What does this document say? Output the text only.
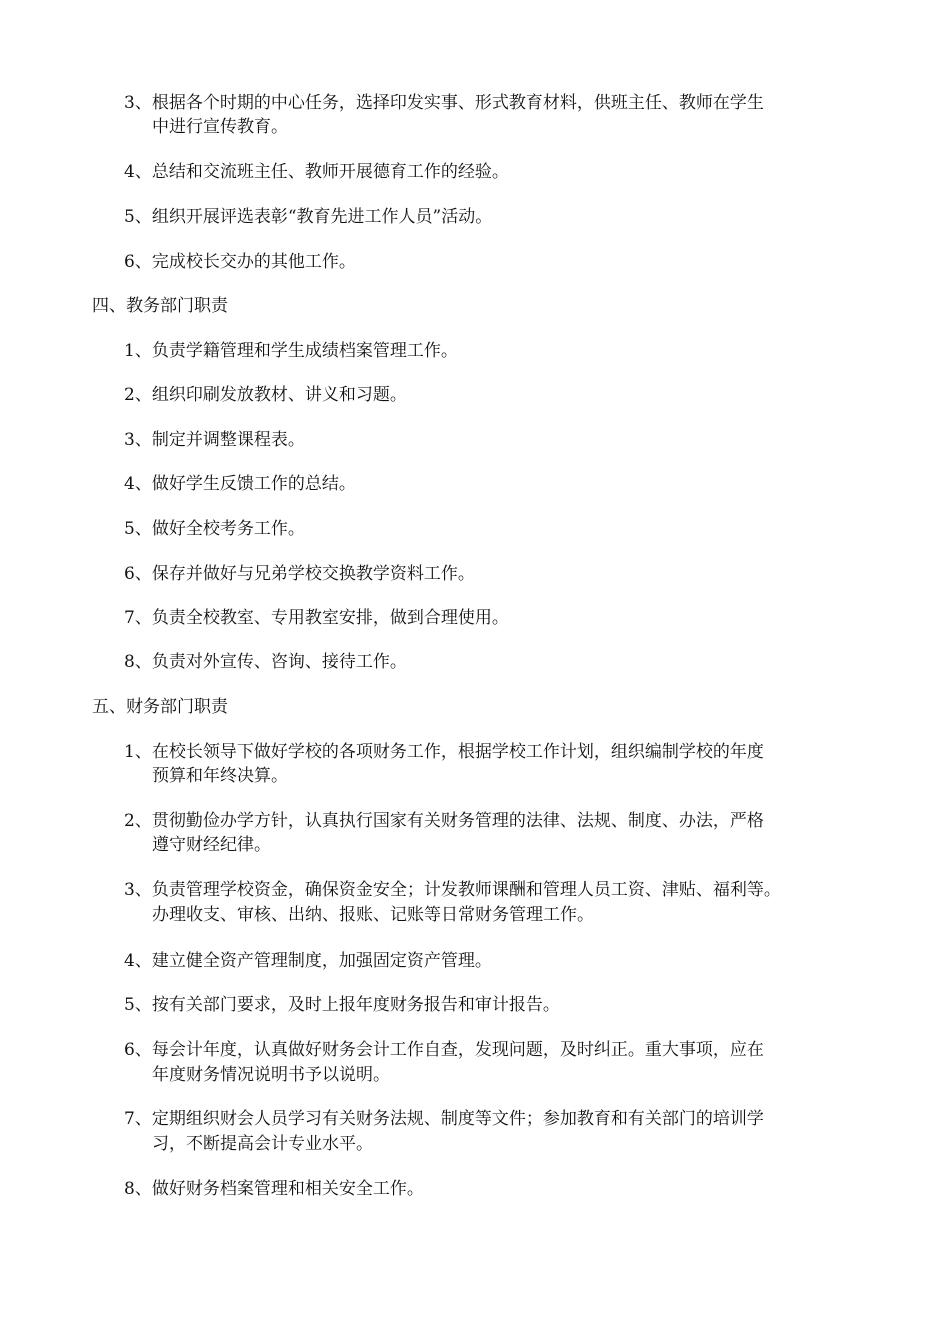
3、根据各个时期的中心任务，选择印发实事、形式教育材料，供班主任、教师在学生
中进行宣传教育。
4、总结和交流班主任、教师开展德育工作的经验。
5、组织开展评选表彰“教育先进工作人员”活动。
6、完成校长交办的其他工作。
四、教务部门职责
1、负责学籍管理和学生成绩档案管理工作。
2、组织印刷发放教材、讲义和习题。
3、制定并调整课程表。
4、做好学生反馈工作的总结。
5、做好全校考务工作。
6、保存并做好与兄弟学校交换教学资料工作。
7、负责全校教室、专用教室安排，做到合理使用。
8、负责对外宣传、咨询、接待工作。
五、财务部门职责
1、在校长领导下做好学校的各项财务工作，根据学校工作计划，组织编制学校的年度
预算和年终决算。
2、贯彻勤俭办学方针，认真执行国家有关财务管理的法律、法规、制度、办法，严格
遵守财经纪律。
3、负责管理学校资金，确保资金安全；计发教师课酬和管理人员工资、津贴、福利等。
办理收支、审核、出纳、报账、记账等日常财务管理工作。
4、建立健全资产管理制度，加强固定资产管理。
5、按有关部门要求，及时上报年度财务报告和审计报告。
6、每会计年度，认真做好财务会计工作自查，发现问题，及时纠正。重大事项，应在
年度财务情况说明书予以说明。
7、定期组织财会人员学习有关财务法规、制度等文件；参加教育和有关部门的培训学
习，不断提高会计专业水平。
8、做好财务档案管理和相关安全工作。
